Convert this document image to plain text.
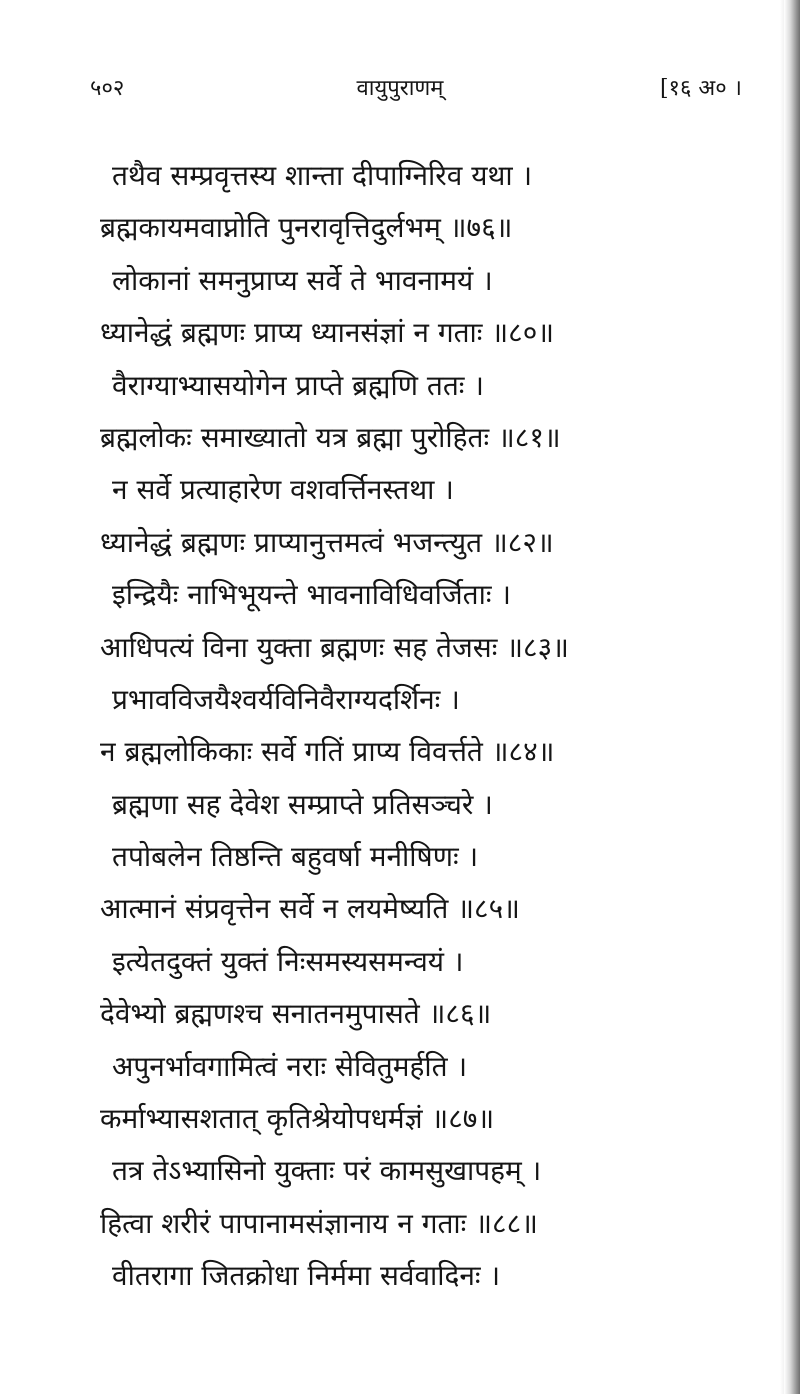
५०२	वायुपुराणम्	[१६ अ० ।
तथैव सम्प्रवृत्तस्य शान्ता दीपाग्निरिव यथा ।
ब्रह्मकायमवाप्नोति पुनरावृत्तिदुर्लभम् ॥७६॥
लोकानां समनुप्राप्य सर्वे ते भावनामयं ।
ध्यानेद्धं ब्रह्मणः प्राप्य ध्यानसंज्ञां न गताः ॥८०॥
वैराग्याभ्यासयोगेन प्राप्ते ब्रह्मणि ततः ।
ब्रह्मलोकः समाख्यातो यत्र ब्रह्मा पुरोहितः ॥८१॥
न सर्वे प्रत्याहारेण वशवर्त्तिनस्तथा ।
ध्यानेद्धं ब्रह्मणः प्राप्यानुत्तमत्वं भजन्त्युत ॥८२॥
इन्द्रियैः नाभिभूयन्ते भावनाविधिवर्जिताः ।
आधिपत्यं विना युक्ता ब्रह्मणः सह तेजसः ॥८३॥
प्रभावविजयैश्वर्यविनिवैराग्यदर्शिनः ।
न ब्रह्मलोकिकाः सर्वे गतिं प्राप्य विवर्त्तते ॥८४॥
ब्रह्मणा सह देवेश सम्प्राप्ते प्रतिसञ्चरे ।
तपोबलेन तिष्ठन्ति बहुवर्षा मनीषिणः ।
आत्मानं संप्रवृत्तेन सर्वे न लयमेष्यति ॥८५॥
इत्येतदुक्तं युक्तं निःसमस्यसमन्वयं ।
देवेभ्यो ब्रह्मणश्च सनातनमुपासते ॥८६॥
अपुनर्भावगामित्वं नराः सेवितुमर्हति ।
कर्माभ्यासशतात् कृतिश्रेयोपधर्मज्ञं ॥८७॥
तत्र तेऽभ्यासिनो युक्ताः परं कामसुखापहम् ।
हित्वा शरीरं पापानामसंज्ञानाय न गताः ॥८८॥
वीतरागा जितक्रोधा निर्ममा सर्ववादिनः ।
